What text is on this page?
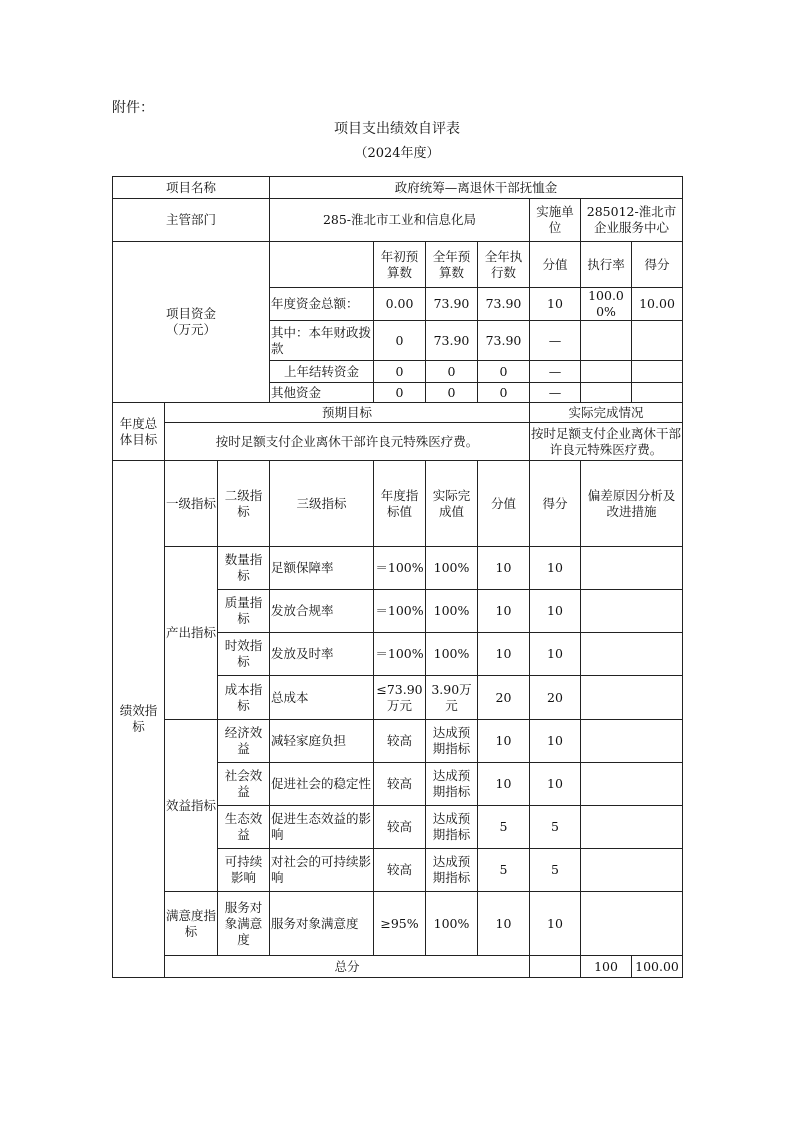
附件：
项目支出绩效自评表
（2024年度）
项目名称			政府统筹—离退休干部抚恤金							
主管部门			285-淮北市工业和信息化局				实施单位	285012-淮北市企业服务中心		

项目资金
（万元）				年初预算数	全年预算数	全年执行数	分值	执行率	得分	
			年度资金总额：	0.00	73.90	73.90	10	100.00%	10.00	
			其中：本年财政拨款	0	73.90	73.90	—			
			上年结转资金	0	0	0	—			
			其他资金	0	0	0	—			
年度总体目标	预期目标						实际完成情况			
	按时足额支付企业离休干部许良元特殊医疗费。						按时足额支付企业离休干部许良元特殊医疗费。			
绩效指标	一级指标	二级指标	三级指标	年度指标值	实际完成值	分值	得分	偏差原因分析及改进措施		
	产出指标	数量指标	足额保障率	＝100%	100%	10	10			
		质量指标	发放合规率	＝100%	100%	10	10			
		时效指标	发放及时率	＝100%	100%	10	10			
		成本指标	总成本	≤73.90万元	3.90万元	20	20			
	效益指标	经济效益	减轻家庭负担	较高	达成预期指标	10	10			
		社会效益	促进社会的稳定性	较高	达成预期指标	10	10			
		生态效益	促进生态效益的影响	较高	达成预期指标	5	5			
		可持续影响	对社会的可持续影响	较高	达成预期指标	5	5			
	满意度指标	服务对象满意度	服务对象满意度	≥95%	100%	10	10			
	总分							100	100.00	
